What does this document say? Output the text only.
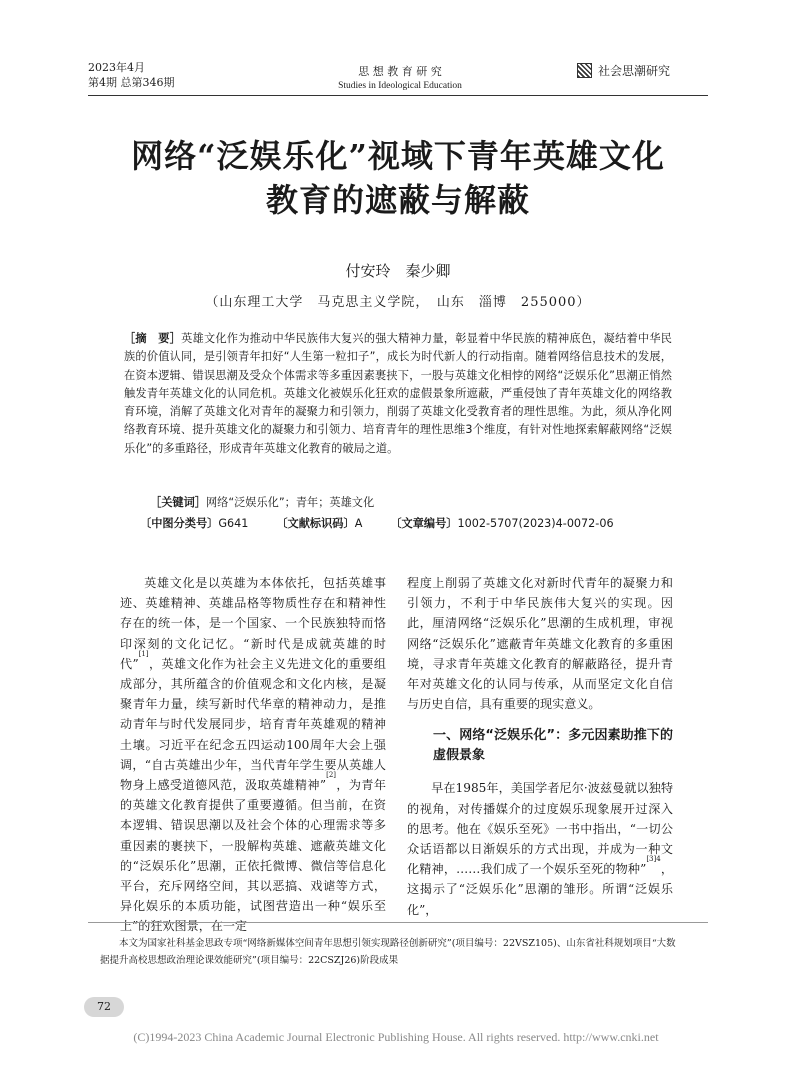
2023年4月
第4期 总第346期
思 想 教 育 研 究
Studies in Ideological Education
社会思潮研究
网络“泛娱乐化”视域下青年英雄文化
教育的遮蔽与解蔽
付安玲　秦少卿
（山东理工大学　马克思主义学院，　山东　淄博　255000）
［摘　要］英雄文化作为推动中华民族伟大复兴的强大精神力量，彰显着中华民族的精神底色，凝结着中华民族的价值认同，是引领青年扣好“人生第一粒扣子”，成长为时代新人的行动指南。随着网络信息技术的发展，在资本逻辑、错误思潮及受众个体需求等多重因素裹挟下，一股与英雄文化相悖的网络“泛娱乐化”思潮正悄然触发青年英雄文化的认同危机。英雄文化被娱乐化狂欢的虚假景象所遮蔽，严重侵蚀了青年英雄文化的网络教育环境，消解了英雄文化对青年的凝聚力和引领力，削弱了英雄文化受教育者的理性思维。为此，须从净化网络教育环境、提升英雄文化的凝聚力和引领力、培育青年的理性思维3个维度，有针对性地探索解蔽网络“泛娱乐化”的多重路径，形成青年英雄文化教育的破局之道。
［关键词］网络“泛娱乐化”；青年；英雄文化
〔中图分类号〕G641	〔文献标识码〕A	〔文章编号〕1002-5707(2023)4-0072-06

英雄文化是以英雄为本体依托，包括英雄事迹、英雄精神、英雄品格等物质性存在和精神性存在的统一体，是一个国家、一个民族独特而恪印深刻的文化记忆。“新时代是成就英雄的时代”[1]，英雄文化作为社会主义先进文化的重要组成部分，其所蕴含的价值观念和文化内核，是凝聚青年力量，续写新时代华章的精神动力，是推动青年与时代发展同步，培育青年英雄观的精神土壤。习近平在纪念五四运动100周年大会上强调，“自古英雄出少年，当代青年学生要从英雄人物身上感受道德风范，汲取英雄精神”[2]，为青年的英雄文化教育提供了重要遵循。但当前，在资本逻辑、错误思潮以及社会个体的心理需求等多重因素的裹挟下，一股解构英雄、遮蔽英雄文化的“泛娱乐化”思潮，正依托微博、微信等信息化平台，充斥网络空间，其以恶搞、戏谑等方式，异化娱乐的本质功能，试图营造出一种“娱乐至上”的狂欢图景，在一定

程度上削弱了英雄文化对新时代青年的凝聚力和引领力，不利于中华民族伟大复兴的实现。因此，厘清网络“泛娱乐化”思潮的生成机理，审视网络“泛娱乐化”遮蔽青年英雄文化教育的多重困境，寻求青年英雄文化教育的解蔽路径，提升青年对英雄文化的认同与传承，从而坚定文化自信与历史自信，具有重要的现实意义。

一、网络“泛娱乐化”：多元因素助推下的虚假景象

早在1985年，美国学者尼尔·波兹曼就以独特的视角，对传播媒介的过度娱乐现象展开过深入的思考。他在《娱乐至死》一书中指出，“一切公众话语都以日渐娱乐的方式出现，并成为一种文化精神，……我们成了一个娱乐至死的物种”$^{[3]4}$，这揭示了“泛娱乐化”思潮的雏形。所谓“泛娱乐化”，

本文为国家社科基金思政专项“网络新媒体空间青年思想引领实现路径创新研究”(项目编号：22VSZ105)、山东省社科规划项目“大数据提升高校思想政治理论课效能研究”(项目编号：22CSZJ26)阶段成果
72
(C)1994-2023 China Academic Journal Electronic Publishing House. All rights reserved. http://www.cnki.net
